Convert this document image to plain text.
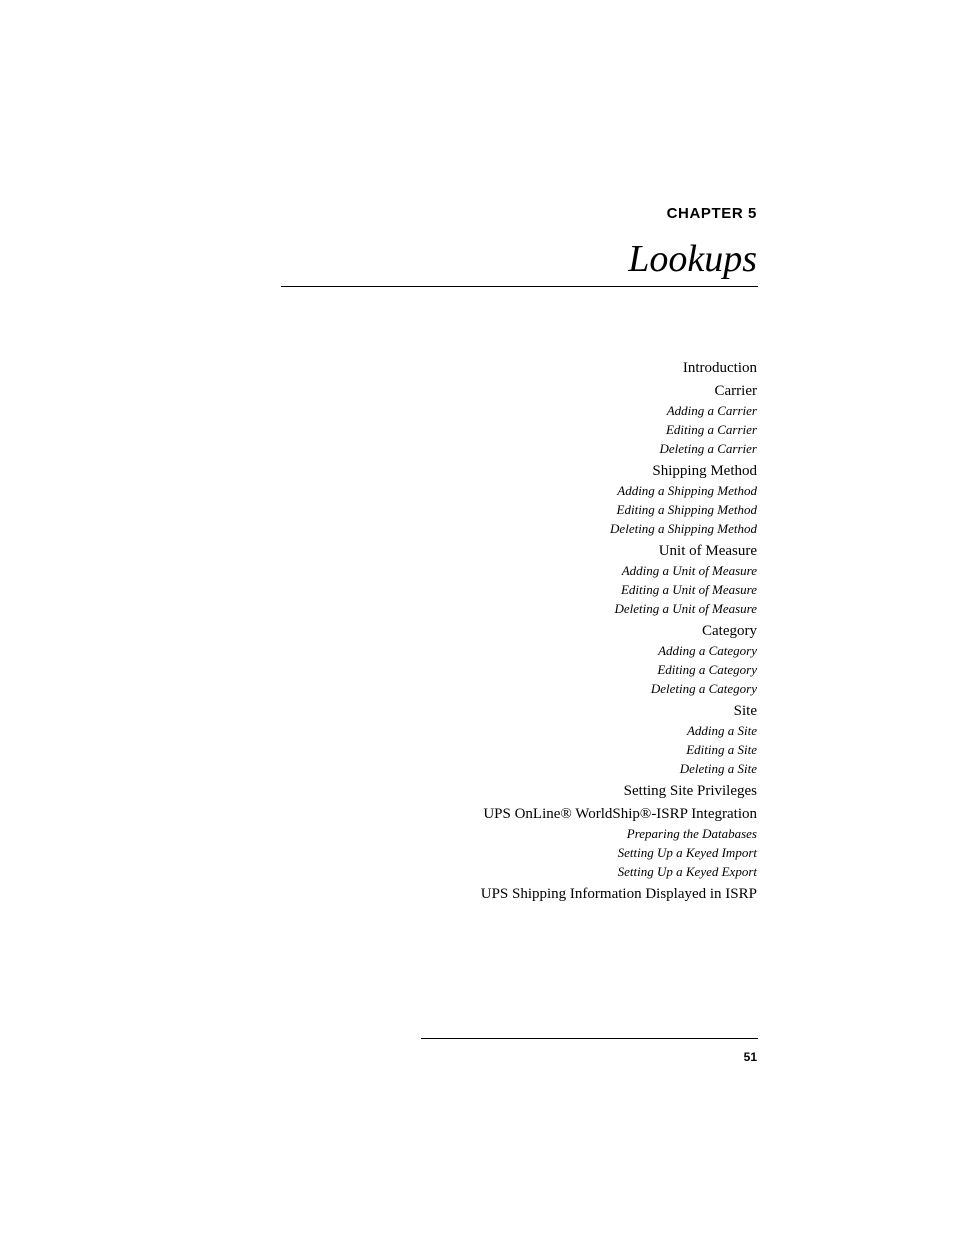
CHAPTER 5
Lookups
Introduction
Carrier
Adding a Carrier
Editing a Carrier
Deleting a Carrier
Shipping Method
Adding a Shipping Method
Editing a Shipping Method
Deleting a Shipping Method
Unit of Measure
Adding a Unit of Measure
Editing a Unit of Measure
Deleting a Unit of Measure
Category
Adding a Category
Editing a Category
Deleting a Category
Site
Adding a Site
Editing a Site
Deleting a Site
Setting Site Privileges
UPS OnLine® WorldShip®-ISRP Integration
Preparing the Databases
Setting Up a Keyed Import
Setting Up a Keyed Export
UPS Shipping Information Displayed in ISRP
51
